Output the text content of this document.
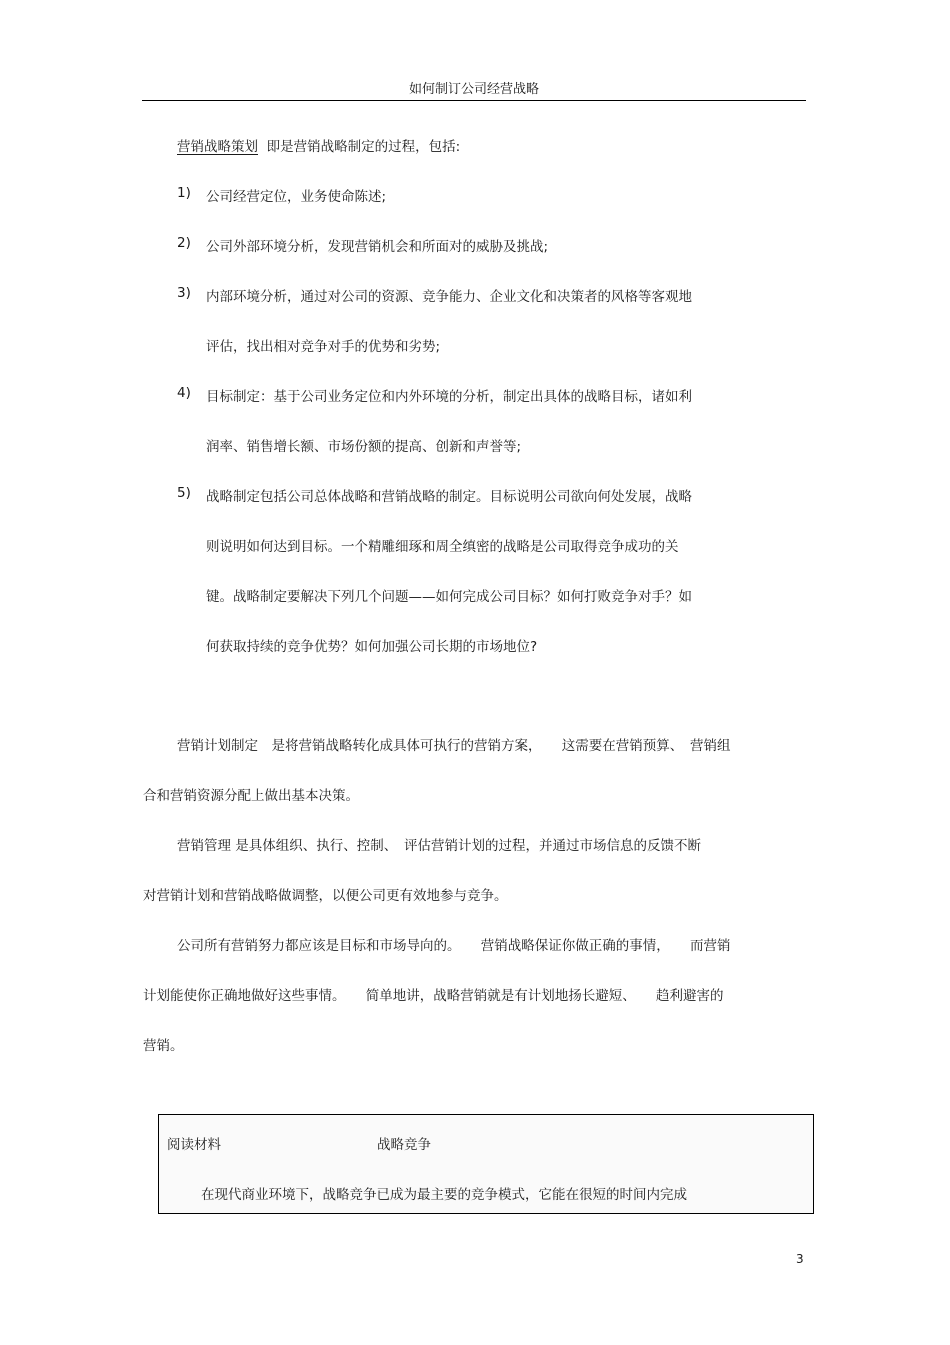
如何制订公司经营战略
营销战略策划 即是营销战略制定的过程，包括:
1) 公司经营定位，业务使命陈述;
2) 公司外部环境分析，发现营销机会和所面对的威胁及挑战;
3) 内部环境分析，通过对公司的资源、竞争能力、企业文化和决策者的风格等客观地
评估，找出相对竞争对手的优势和劣势;
4) 目标制定：基于公司业务定位和内外环境的分析，制定出具体的战略目标，诸如利
润率、销售增长额、市场份额的提高、创新和声誉等;
5) 战略制定包括公司总体战略和营销战略的制定。目标说明公司欲向何处发展，战略
则说明如何达到目标。一个精雕细琢和周全缜密的战略是公司取得竞争成功的关
键。战略制定要解决下列几个问题——如何完成公司目标？如何打败竞争对手？如
何获取持续的竞争优势？如何加强公司长期的市场地位?
营销计划制定　是将营销战略转化成具体可执行的营销方案，　　这需要在营销预算、　营销组
合和营销资源分配上做出基本决策。
营销管理 是具体组织、执行、控制、　评估营销计划的过程，并通过市场信息的反馈不断
对营销计划和营销战略做调整，以便公司更有效地参与竞争。
公司所有营销努力都应该是目标和市场导向的。　　营销战略保证你做正确的事情，　　而营销
计划能使你正确地做好这些事情。　　简单地讲，战略营销就是有计划地扬长避短、　　趋利避害的
营销。
阅读材料	战略竞争
在现代商业环境下，战略竞争已成为最主要的竞争模式，它能在很短的时间内完成
3
